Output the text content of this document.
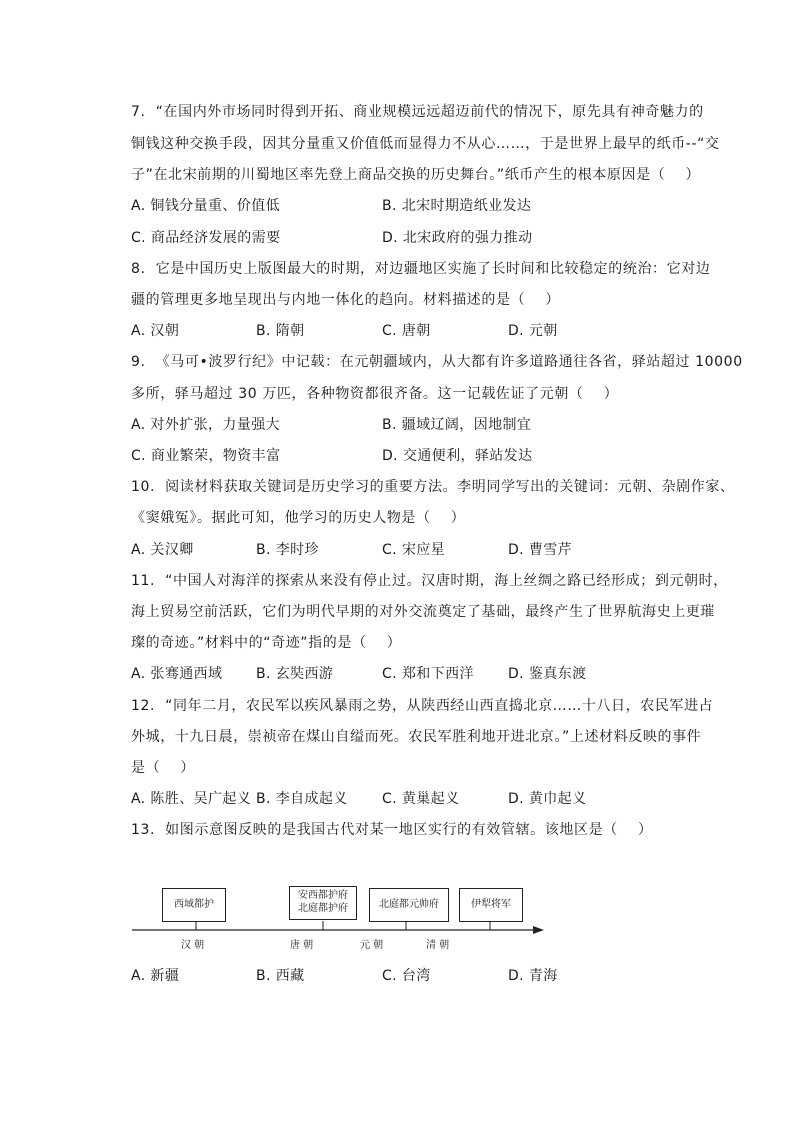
7.  “在国内外市场同时得到开拓、商业规模远远超迈前代的情况下，原先具有神奇魅力的
铜钱这种交换手段，因其分量重又价值低而显得力不从心……，于是世界上最早的纸币--“交
子”在北宋前期的川蜀地区率先登上商品交换的历史舞台。”纸币产生的根本原因是（    ）
A. 铜钱分量重、价值低	B. 北宋时期造纸业发达
C. 商品经济发展的需要	D. 北宋政府的强力推动
8.  它是中国历史上版图最大的时期，对边疆地区实施了长时间和比较稳定的统治：它对边
疆的管理更多地呈现出与内地一体化的趋向。材料描述的是（    ）
A. 汉朝	B. 隋朝	C. 唐朝	D. 元朝
9.  《马可•波罗行纪》中记载：在元朝疆域内，从大都有许多道路通往各省，驿站超过 10000
多所，驿马超过 30 万匹，各种物资都很齐备。这一记载佐证了元朝（    ）
A. 对外扩张，力量强大	B. 疆域辽阔，因地制宜
C. 商业繁荣，物资丰富	D. 交通便利，驿站发达
10.  阅读材料获取关键词是历史学习的重要方法。李明同学写出的关键词：元朝、杂剧作家、
《窦娥冤》。据此可知，他学习的历史人物是（    ）
A. 关汉卿	B. 李时珍	C. 宋应星	D. 曹雪芹
11.  “中国人对海洋的探索从来没有停止过。汉唐时期，海上丝绸之路已经形成；到元朝时，
海上贸易空前活跃，它们为明代早期的对外交流奠定了基础，最终产生了世界航海史上更璀
璨的奇迹。”材料中的“奇迹”指的是（    ）
A. 张骞通西域 B. 玄奘西游	C. 郑和下西洋 D. 鉴真东渡
12.  “同年二月，农民军以疾风暴雨之势，从陕西经山西直捣北京……十八日，农民军进占
外城，十九日晨，崇祯帝在煤山自缢而死。农民军胜利地开进北京。”上述材料反映的事件
是（    ）
A. 陈胜、吴广起义 B. 李自成起义 C. 黄巢起义	D. 黄巾起义
13.  如图示意图反映的是我国古代对某一地区实行的有效管辖。该地区是（    ）
西域都护
安西都护府
北庭都护府	北庭都元帅府	伊犁将军
汉 朝	唐 朝	元 朝	清 朝
A. 新疆	B. 西藏	C. 台湾	D. 青海
